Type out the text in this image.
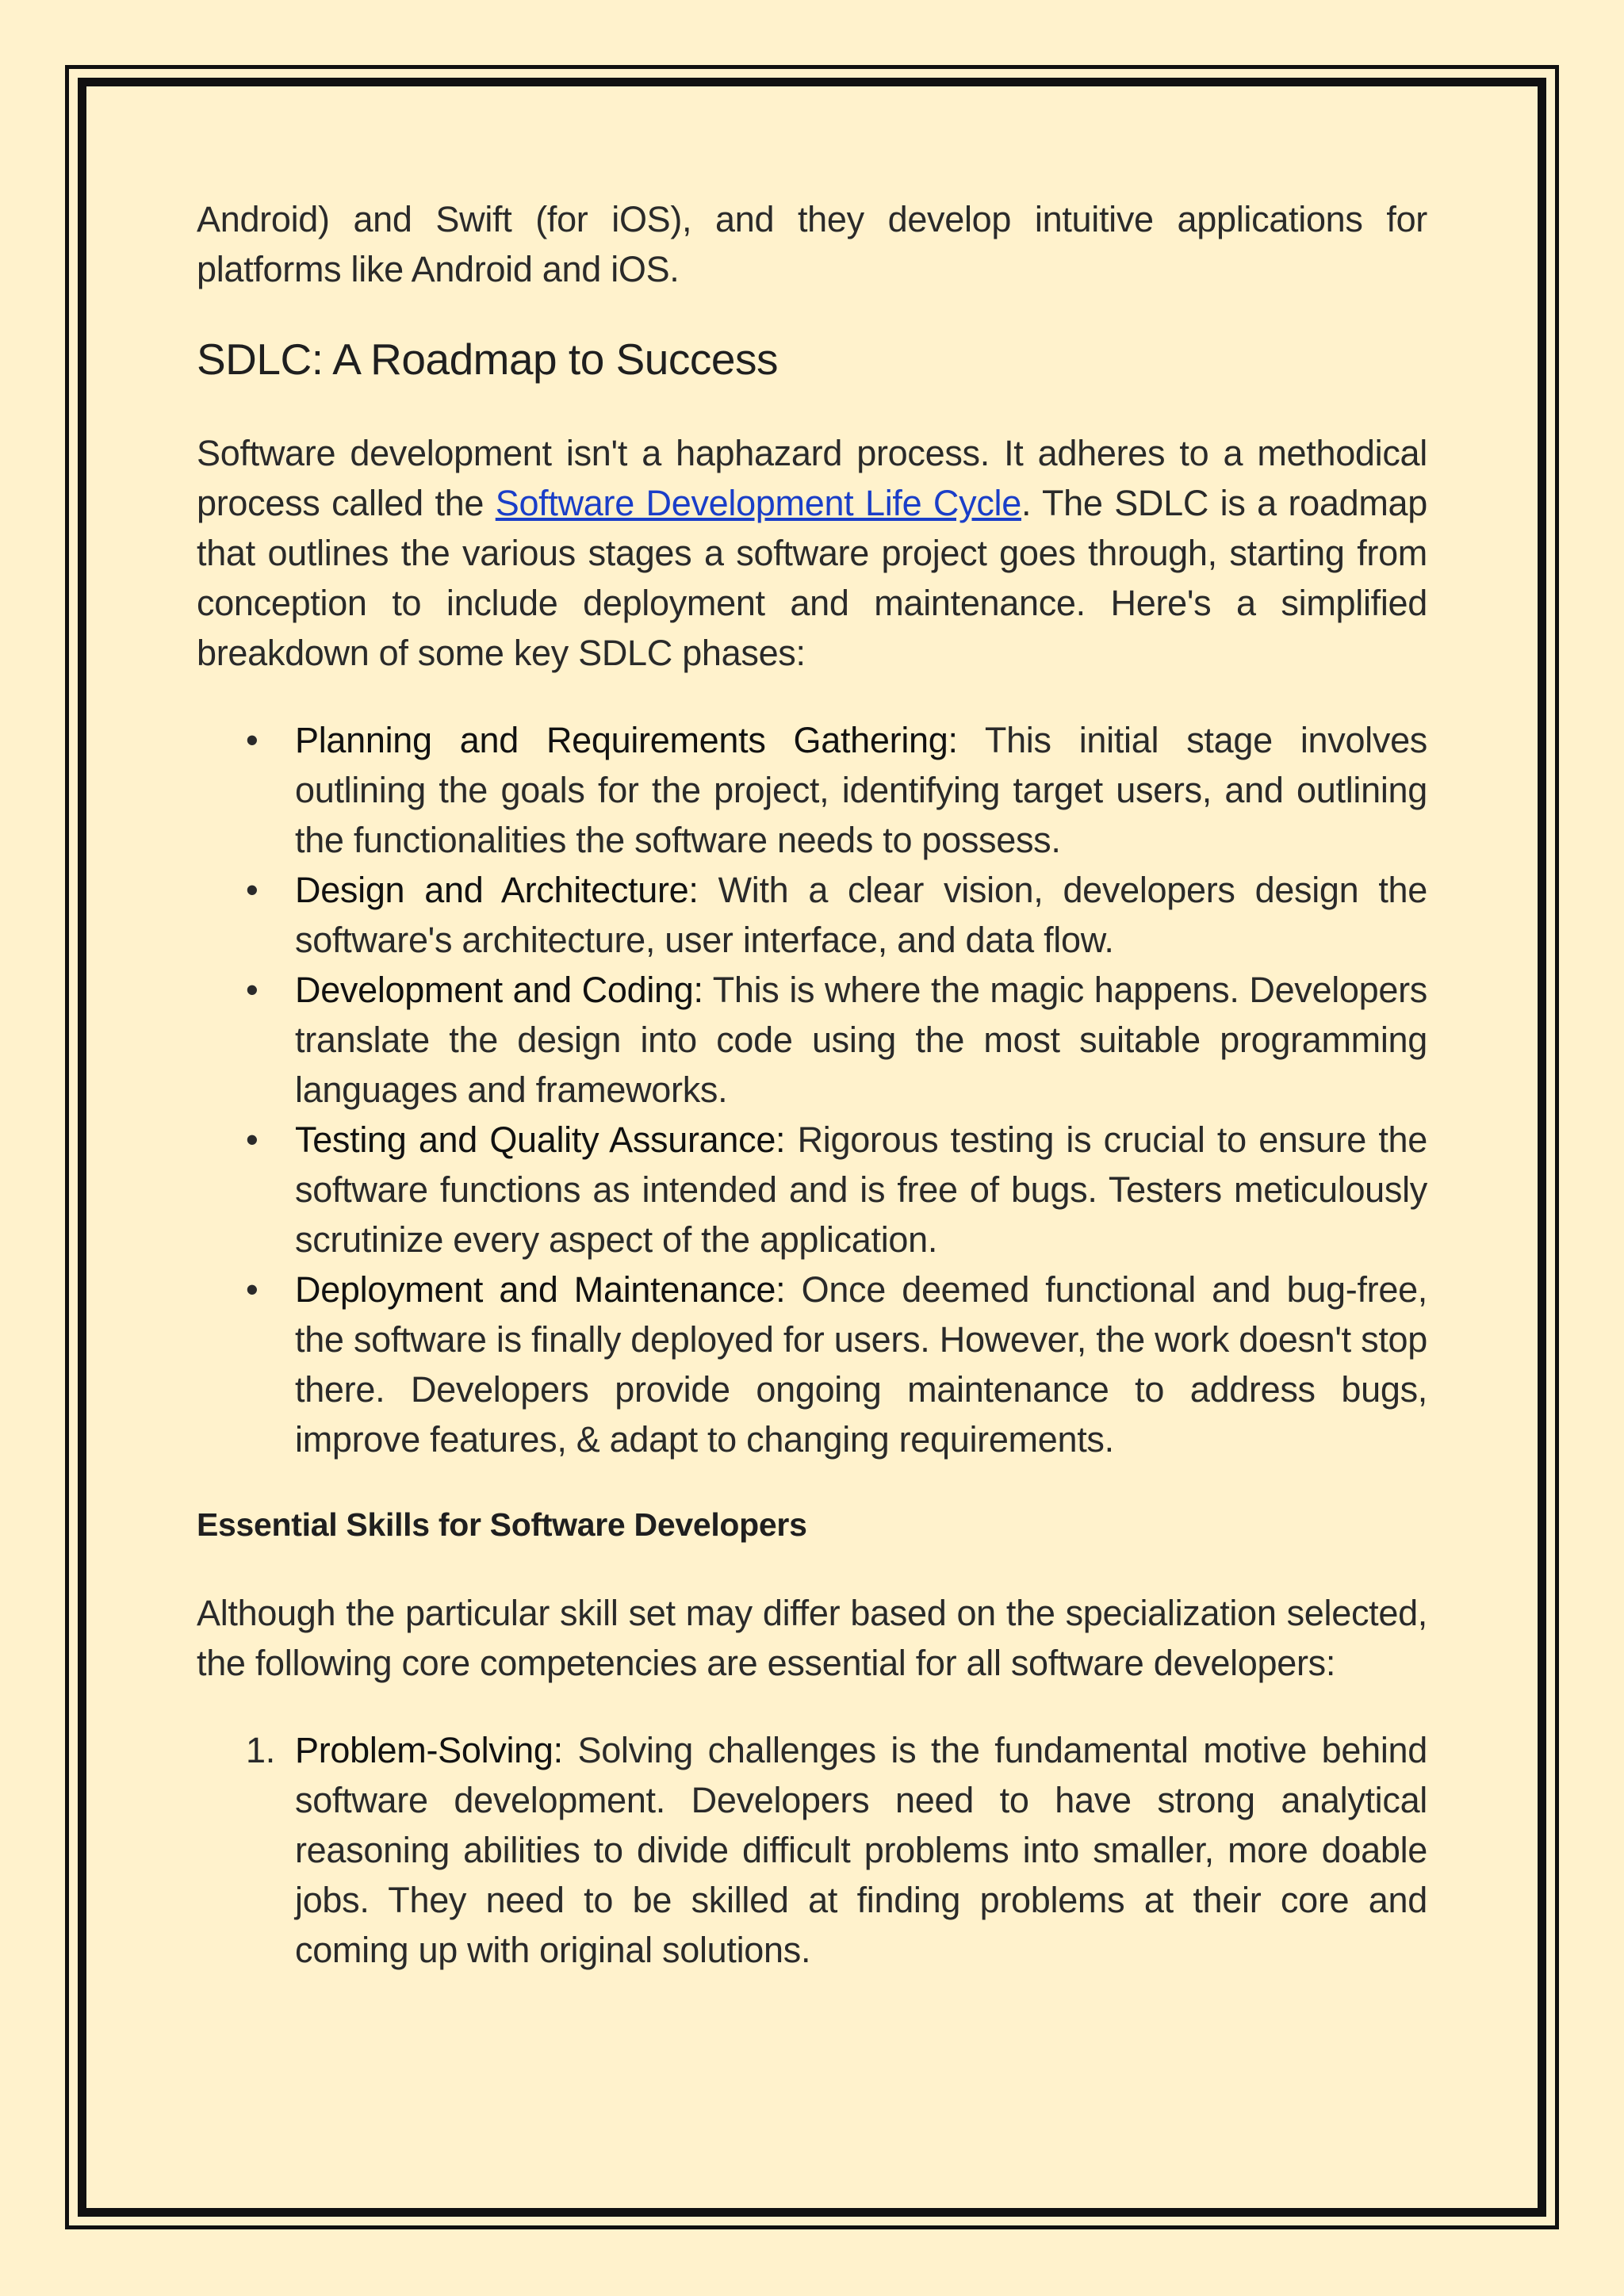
Android) and Swift (for iOS), and they develop intuitive applications for platforms like Android and iOS.

SDLC: A Roadmap to Success

Software development isn't a haphazard process. It adheres to a methodical process called the Software Development Life Cycle. The SDLC is a roadmap that outlines the various stages a software project goes through, starting from conception to include deployment and maintenance. Here's a simplified breakdown of some key SDLC phases:

•	Planning and Requirements Gathering: This initial stage involves outlining the goals for the project, identifying target users, and outlining the functionalities the software needs to possess.
•	Design and Architecture: With a clear vision, developers design the software's architecture, user interface, and data flow.
•	Development and Coding: This is where the magic happens. Developers translate the design into code using the most suitable programming languages and frameworks.
•	Testing and Quality Assurance: Rigorous testing is crucial to ensure the software functions as intended and is free of bugs. Testers meticulously scrutinize every aspect of the application.
•	Deployment and Maintenance: Once deemed functional and bug-free, the software is finally deployed for users. However, the work doesn't stop there. Developers provide ongoing maintenance to address bugs, improve features, & adapt to changing requirements.
Essential Skills for Software Developers

Although the particular skill set may differ based on the specialization selected, the following core competencies are essential for all software developers:

1. Problem-Solving: Solving challenges is the fundamental motive behind software development. Developers need to have strong analytical reasoning abilities to divide difficult problems into smaller, more doable jobs. They need to be skilled at finding problems at their core and coming up with original solutions.
